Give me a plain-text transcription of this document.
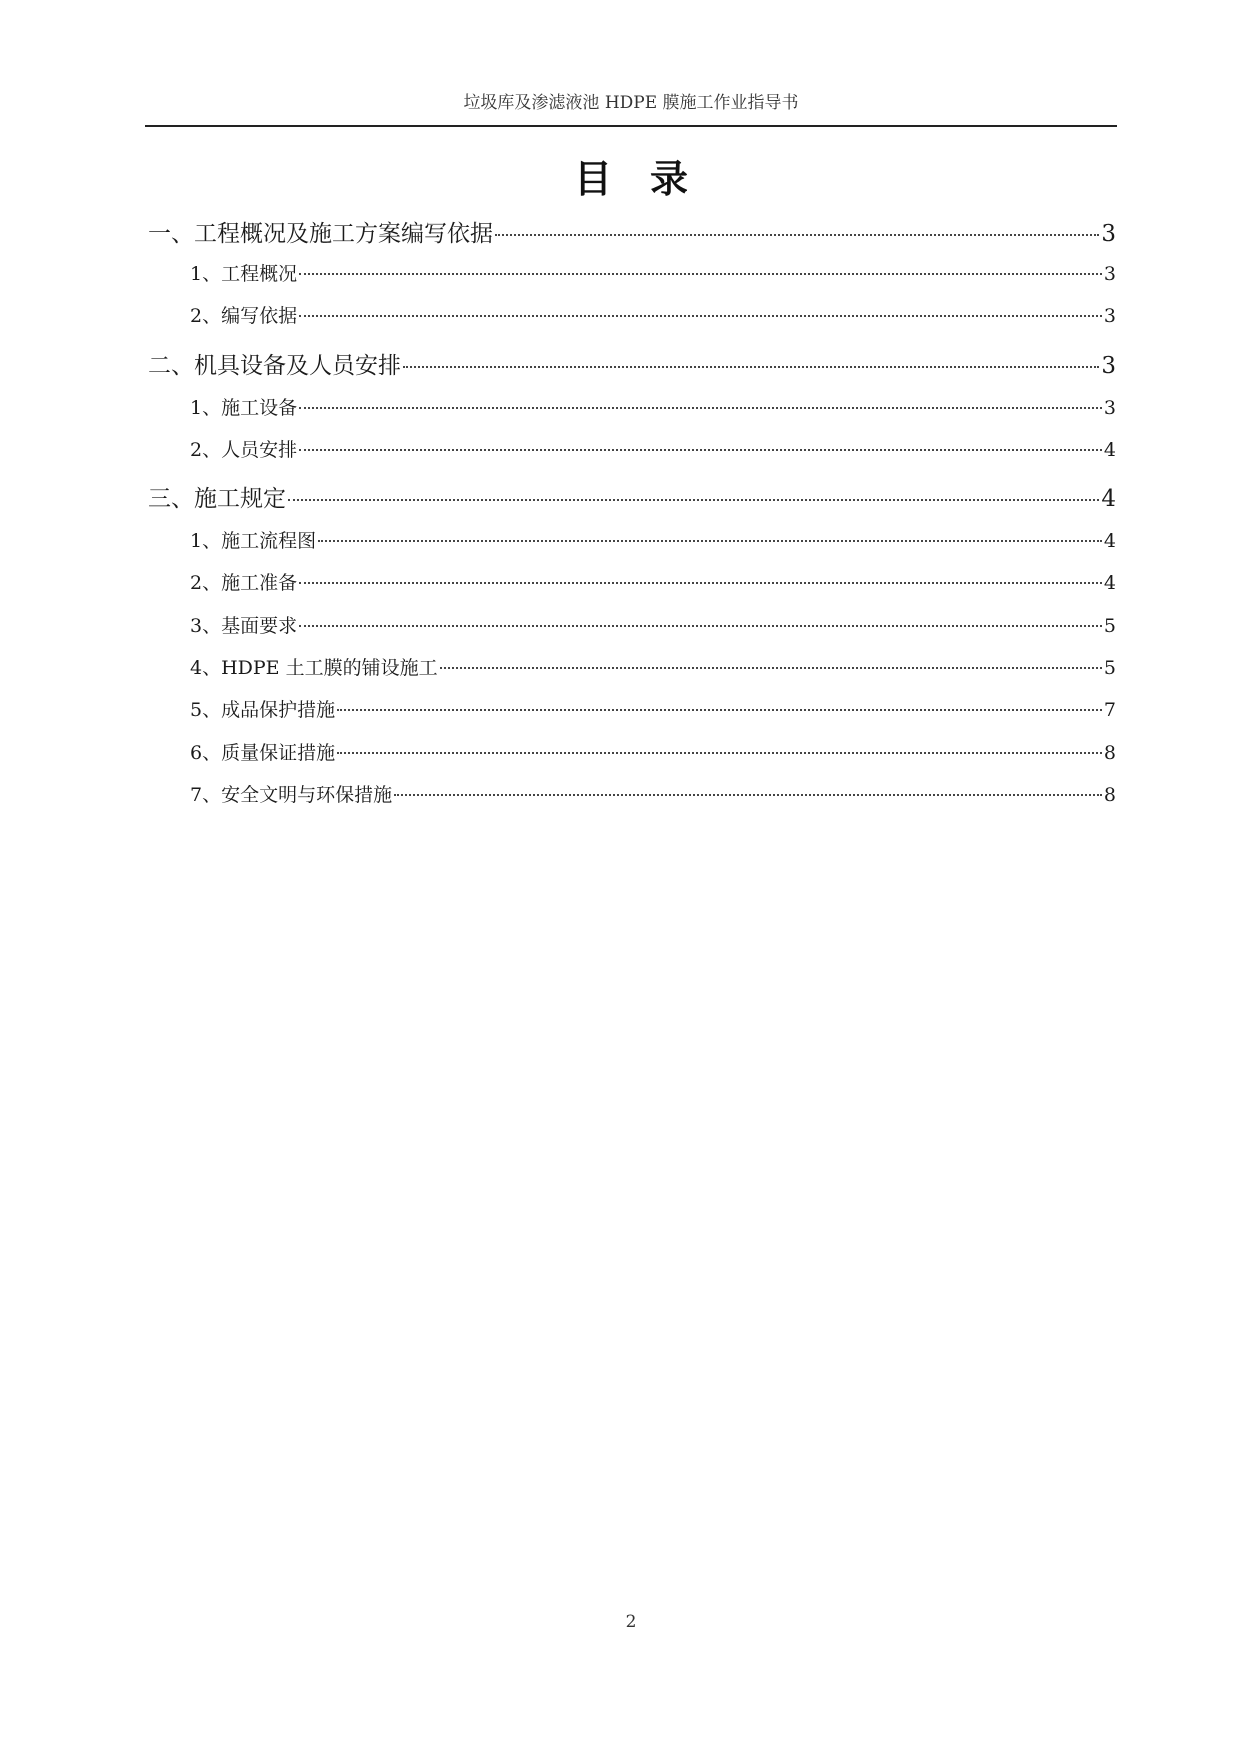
垃圾库及渗滤液池 HDPE 膜施工作业指导书
目 录
一、工程概况及施工方案编写依据	3
1、工程概况	3
2、编写依据	3
二、机具设备及人员安排	3
1、施工设备	3
2、人员安排	4
三、施工规定	4
1、施工流程图	4
2、施工准备	4
3、基面要求	5
4、HDPE 土工膜的铺设施工	5
5、成品保护措施	7
6、质量保证措施	8
7、安全文明与环保措施	8
2
